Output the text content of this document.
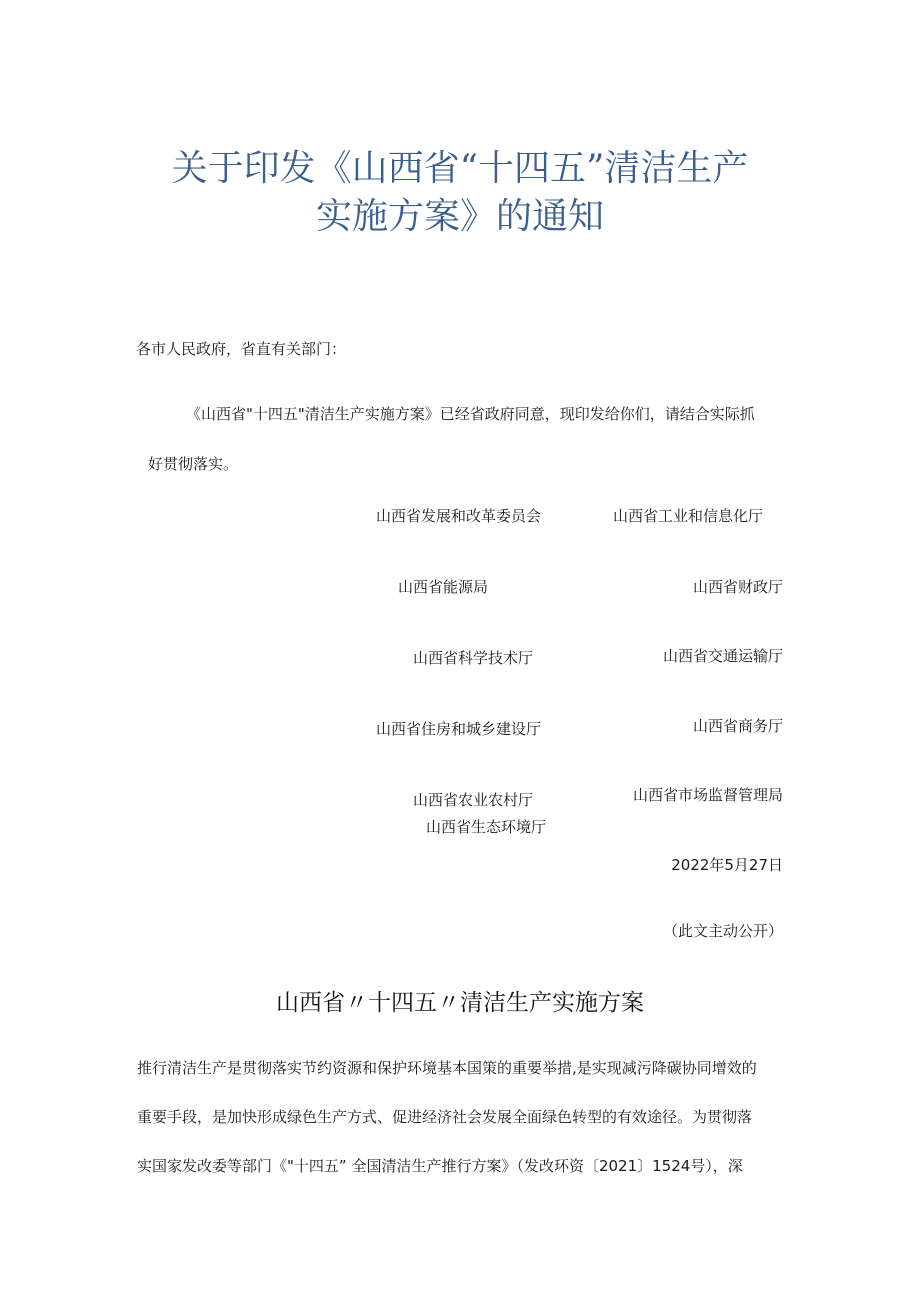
关于印发《山西省“十四五”清洁生产
实施方案》的通知
各市人民政府，省直有关部门：
《山西省"十四五"清洁生产实施方案》已经省政府同意，现印发给你们，请结合实际抓
好贯彻落实。
山西省发展和改革委员会	山西省工业和信息化厅
山西省能源局	山西省财政厅
山西省科学技术厅	山西省交通运输厅
山西省住房和城乡建设厅	山西省商务厅
山西省农业农村厅	山西省市场监督管理局
山西省生态环境厅
2022年5月27日
（此文主动公开）
山西省〃十四五〃清洁生产实施方案
推行清洁生产是贯彻落实节约资源和保护环境基本国策的重要举措,是实现减污降碳协同增效的
重要手段，是加快形成绿色生产方式、促进经济社会发展全面绿色转型的有效途径。为贯彻落
实国家发改委等部门《"十四五” 全国清洁生产推行方案》（发改环资〔2021〕1524号），深
